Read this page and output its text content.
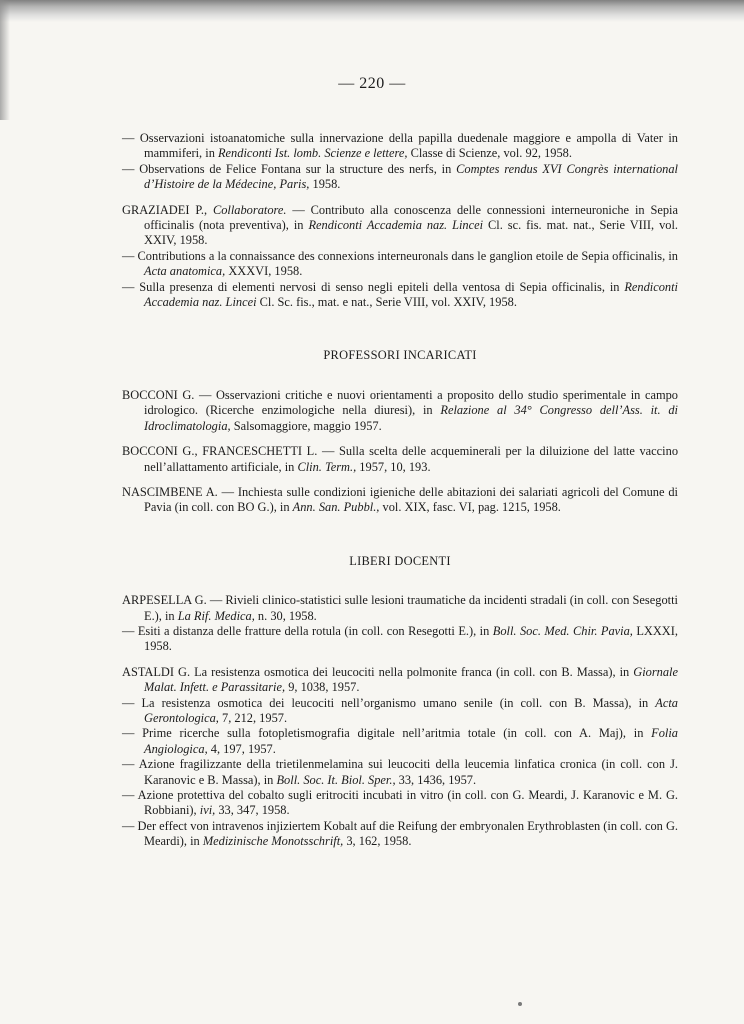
— 220 —

— Osservazioni istoanatomiche sulla innervazione della papilla duedenale maggiore e ampolla di Vater in mammiferi, in Rendiconti Ist. lomb. Scienze e lettere, Classe di Scienze, vol. 92, 1958.

— Observations de Felice Fontana sur la structure des nerfs, in Comptes rendus XVI Congrès international d’Histoire de la Médecine, Paris, 1958.

GRAZIADEI P., Collaboratore. — Contributo alla conoscenza delle connessioni interneuroniche in Sepia officinalis (nota preventiva), in Rendiconti Accademia naz. Lincei Cl. sc. fis. mat. nat., Serie VIII, vol. XXIV, 1958.

— Contributions a la connaissance des connexions interneuronals dans le ganglion etoile de Sepia officinalis, in Acta anatomica, XXXVI, 1958.

— Sulla presenza di elementi nervosi di senso negli epiteli della ventosa di Sepia officinalis, in Rendiconti Accademia naz. Lincei Cl. Sc. fis., mat. e nat., Serie VIII, vol. XXIV, 1958.

PROFESSORI INCARICATI

BOCCONI G. — Osservazioni critiche e nuovi orientamenti a proposito dello studio sperimentale in campo idrologico. (Ricerche enzimologiche nella diuresi), in Relazione al 34° Congresso dell’Ass. it. di Idroclimatologia, Salsomaggiore, maggio 1957.

BOCCONI G., FRANCESCHETTI L. — Sulla scelta delle acqueminerali per la diluizione del latte vaccino nell’allattamento artificiale, in Clin. Term., 1957, 10, 193.

NASCIMBENE A. — Inchiesta sulle condizioni igieniche delle abitazioni dei salariati agricoli del Comune di Pavia (in coll. con BO G.), in Ann. San. Pubbl., vol. XIX, fasc. VI, pag. 1215, 1958.

LIBERI DOCENTI

ARPESELLA G. — Rivieli clinico-statistici sulle lesioni traumatiche da incidenti stradali (in coll. con Sesegotti E.), in La Rif. Medica, n. 30, 1958.

— Esiti a distanza delle fratture della rotula (in coll. con Resegotti E.), in Boll. Soc. Med. Chir. Pavia, LXXXI, 1958.

ASTALDI G. La resistenza osmotica dei leucociti nella polmonite franca (in coll. con B. Massa), in Giornale Malat. Infett. e Parassitarie, 9, 1038, 1957.

— La resistenza osmotica dei leucociti nell’organismo umano senile (in coll. con B. Massa), in Acta Gerontologica, 7, 212, 1957.

— Prime ricerche sulla fotopletismografia digitale nell’aritmia totale (in coll. con A. Maj), in Folia Angiologica, 4, 197, 1957.

— Azione fragilizzante della trietilenmelamina sui leucociti della leucemia linfatica cronica (in coll. con J. Karanovic e B. Massa), in Boll. Soc. It. Biol. Sper., 33, 1436, 1957.

— Azione protettiva del cobalto sugli eritrociti incubati in vitro (in coll. con G. Meardi, J. Karanovic e M. G. Robbiani), ivi, 33, 347, 1958.

— Der effect von intravenos injiziertem Kobalt auf die Reifung der embryonalen Erythroblasten (in coll. con G. Meardi), in Medizinische Monotsschrift, 3, 162, 1958.
